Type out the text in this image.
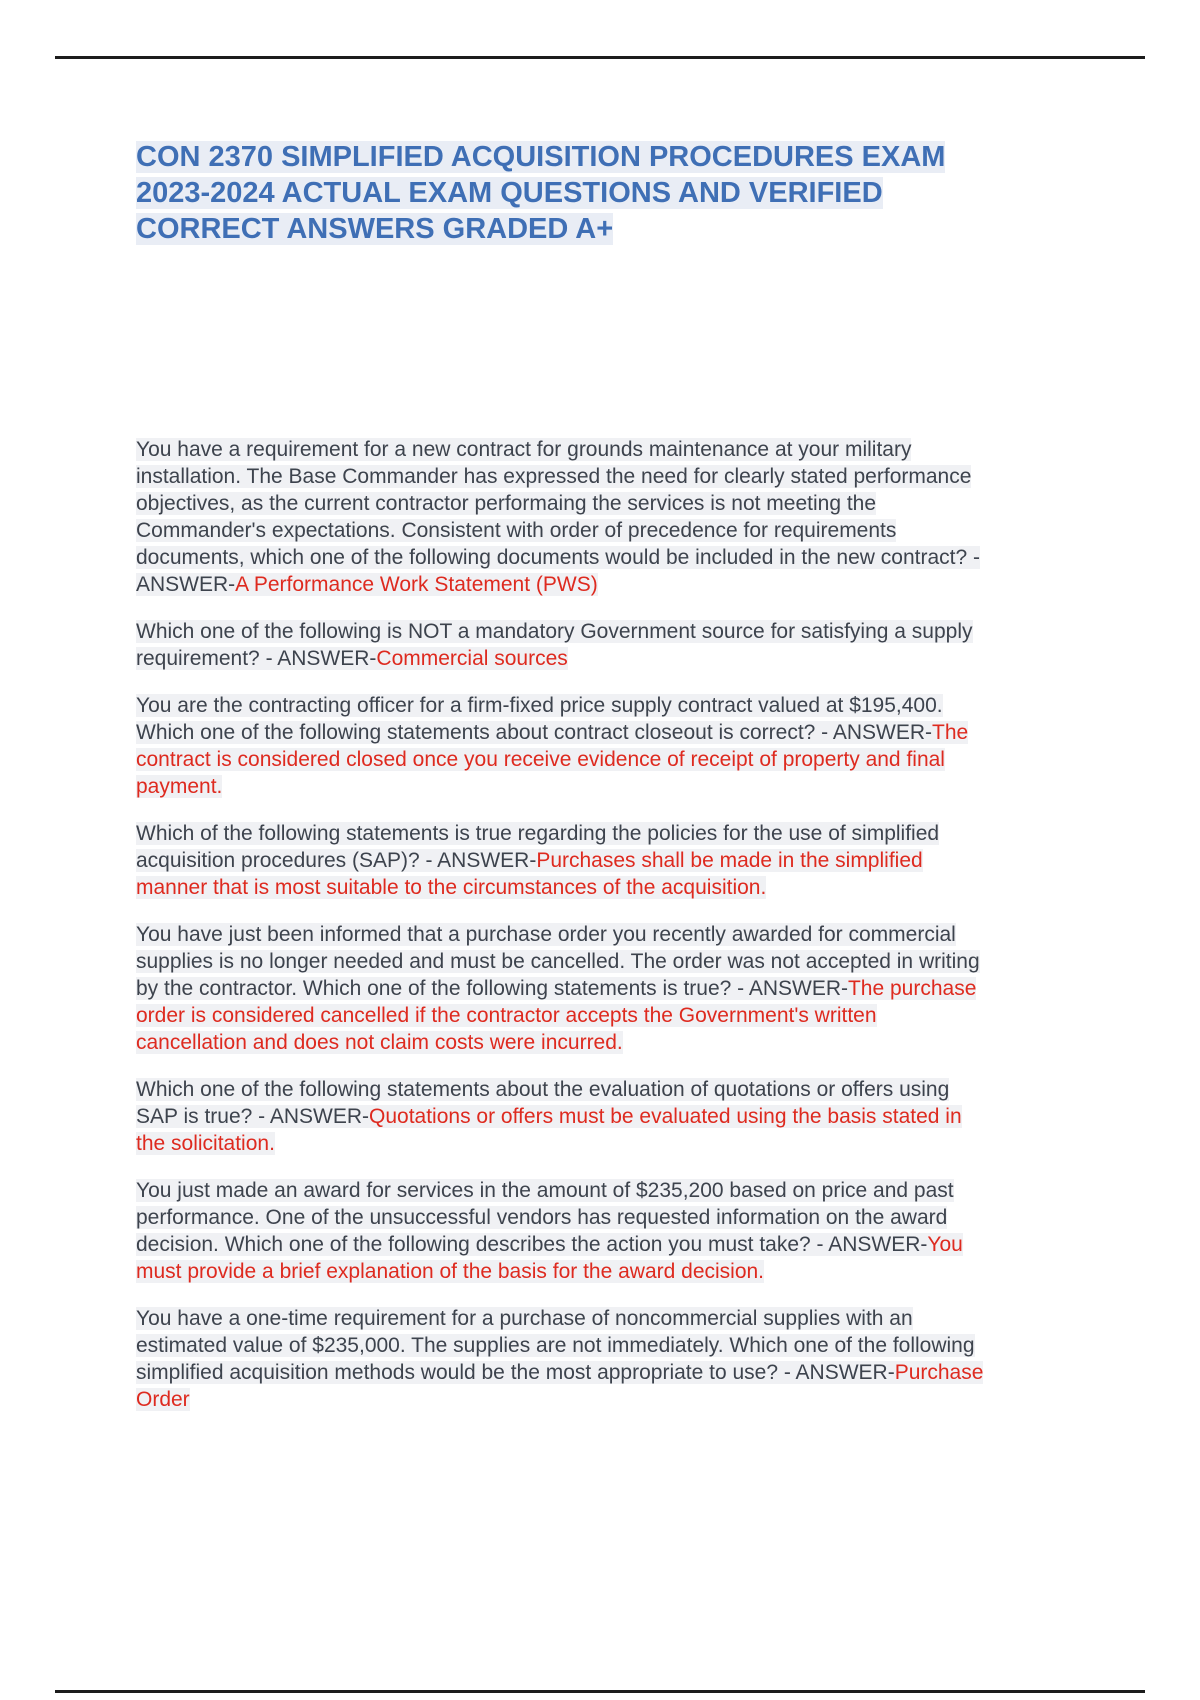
CON 2370 SIMPLIFIED ACQUISITION PROCEDURES EXAM 2023-2024 ACTUAL EXAM QUESTIONS AND VERIFIED CORRECT ANSWERS GRADED A+

You have a requirement for a new contract for grounds maintenance at your military installation. The Base Commander has expressed the need for clearly stated performance objectives, as the current contractor performaing the services is not meeting the Commander's expectations. Consistent with order of precedence for requirements documents, which one of the following documents would be included in the new contract? - ANSWER-A Performance Work Statement (PWS)

Which one of the following is NOT a mandatory Government source for satisfying a supply requirement? - ANSWER-Commercial sources

You are the contracting officer for a firm-fixed price supply contract valued at $195,400. Which one of the following statements about contract closeout is correct? - ANSWER-The contract is considered closed once you receive evidence of receipt of property and final payment.

Which of the following statements is true regarding the policies for the use of simplified acquisition procedures (SAP)? - ANSWER-Purchases shall be made in the simplified manner that is most suitable to the circumstances of the acquisition.

You have just been informed that a purchase order you recently awarded for commercial supplies is no longer needed and must be cancelled. The order was not accepted in writing by the contractor. Which one of the following statements is true? - ANSWER-The purchase order is considered cancelled if the contractor accepts the Government's written cancellation and does not claim costs were incurred.

Which one of the following statements about the evaluation of quotations or offers using SAP is true? - ANSWER-Quotations or offers must be evaluated using the basis stated in the solicitation.

You just made an award for services in the amount of $235,200 based on price and past performance. One of the unsuccessful vendors has requested information on the award decision. Which one of the following describes the action you must take? - ANSWER-You must provide a brief explanation of the basis for the award decision.

You have a one-time requirement for a purchase of noncommercial supplies with an estimated value of $235,000. The supplies are not immediately. Which one of the following simplified acquisition methods would be the most appropriate to use? - ANSWER-Purchase Order
